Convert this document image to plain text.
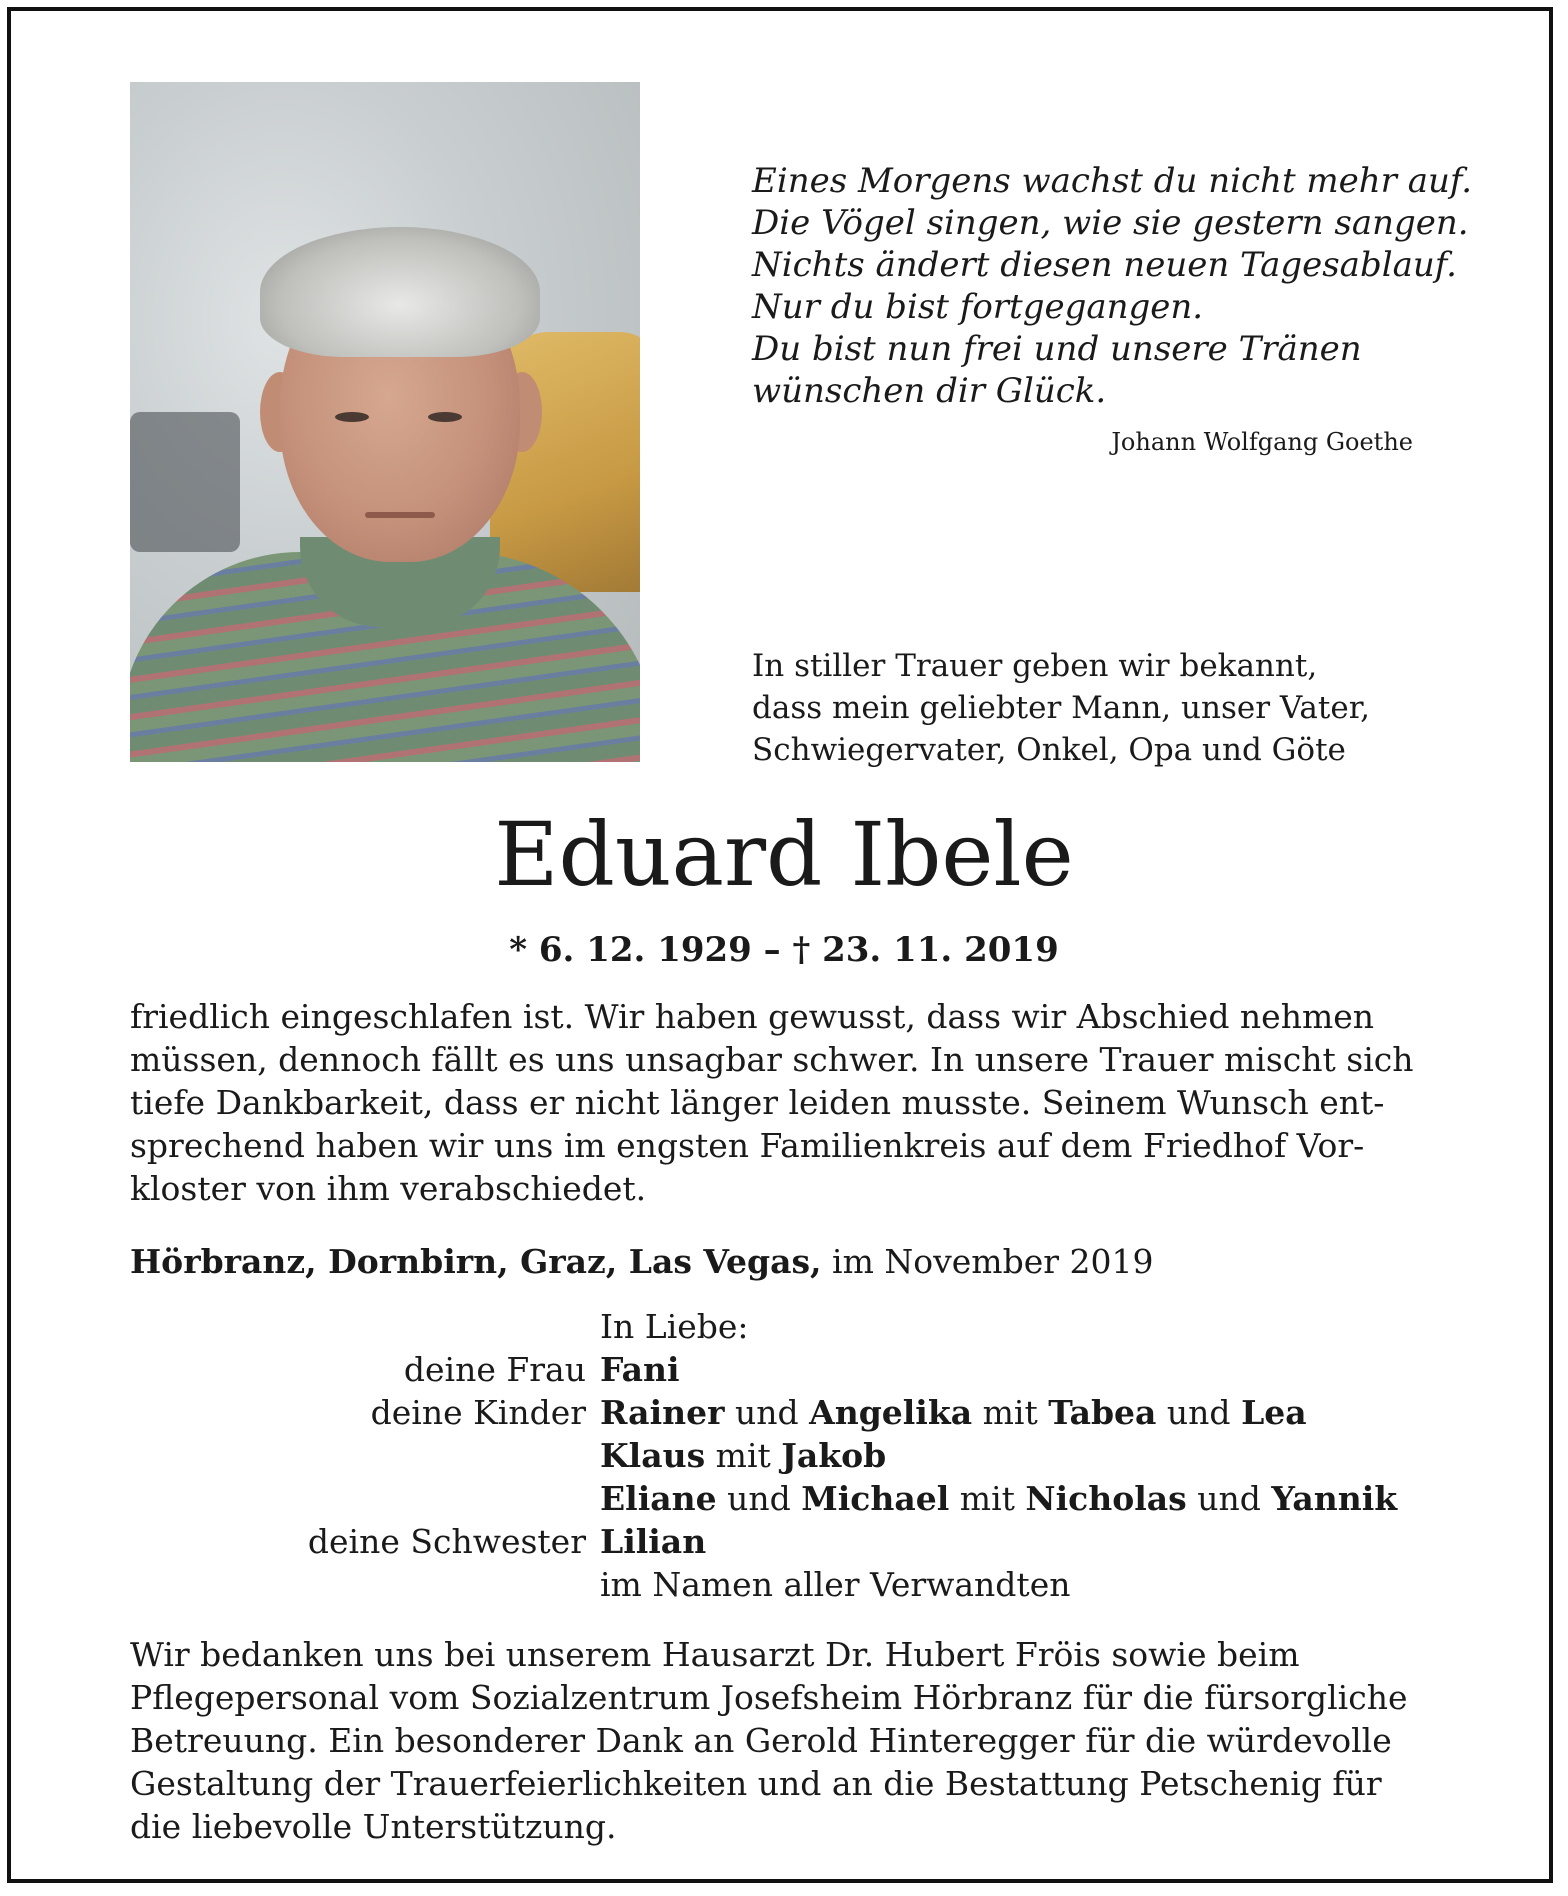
Eines Morgens wachst du nicht mehr auf.
Die Vögel singen, wie sie gestern sangen.
Nichts ändert diesen neuen Tagesablauf.
Nur du bist fortgegangen.
Du bist nun frei und unsere Tränen
wünschen dir Glück.
Johann Wolfgang Goethe
In stiller Trauer geben wir bekannt,
dass mein geliebter Mann, unser Vater,
Schwiegervater, Onkel, Opa und Göte
Eduard Ibele
* 6. 12. 1929 – † 23. 11. 2019
friedlich eingeschlafen ist. Wir haben gewusst, dass wir Abschied nehmen
müssen, dennoch fällt es uns unsagbar schwer. In unsere Trauer mischt sich
tiefe Dankbarkeit, dass er nicht länger leiden musste. Seinem Wunsch ent-
sprechend haben wir uns im engsten Familienkreis auf dem Friedhof Vor-
kloster von ihm verabschiedet.
Hörbranz, Dornbirn, Graz, Las Vegas, im November 2019
In Liebe:
deine Frau Fani
deine Kinder Rainer und Angelika mit Tabea und Lea
Klaus mit Jakob
Eliane und Michael mit Nicholas und Yannik
deine Schwester Lilian
im Namen aller Verwandten
Wir bedanken uns bei unserem Hausarzt Dr. Hubert Fröis sowie beim
Pflegepersonal vom Sozialzentrum Josefsheim Hörbranz für die fürsorgliche
Betreuung. Ein besonderer Dank an Gerold Hinteregger für die würdevolle
Gestaltung der Trauerfeierlichkeiten und an die Bestattung Petschenig für
die liebevolle Unterstützung.
